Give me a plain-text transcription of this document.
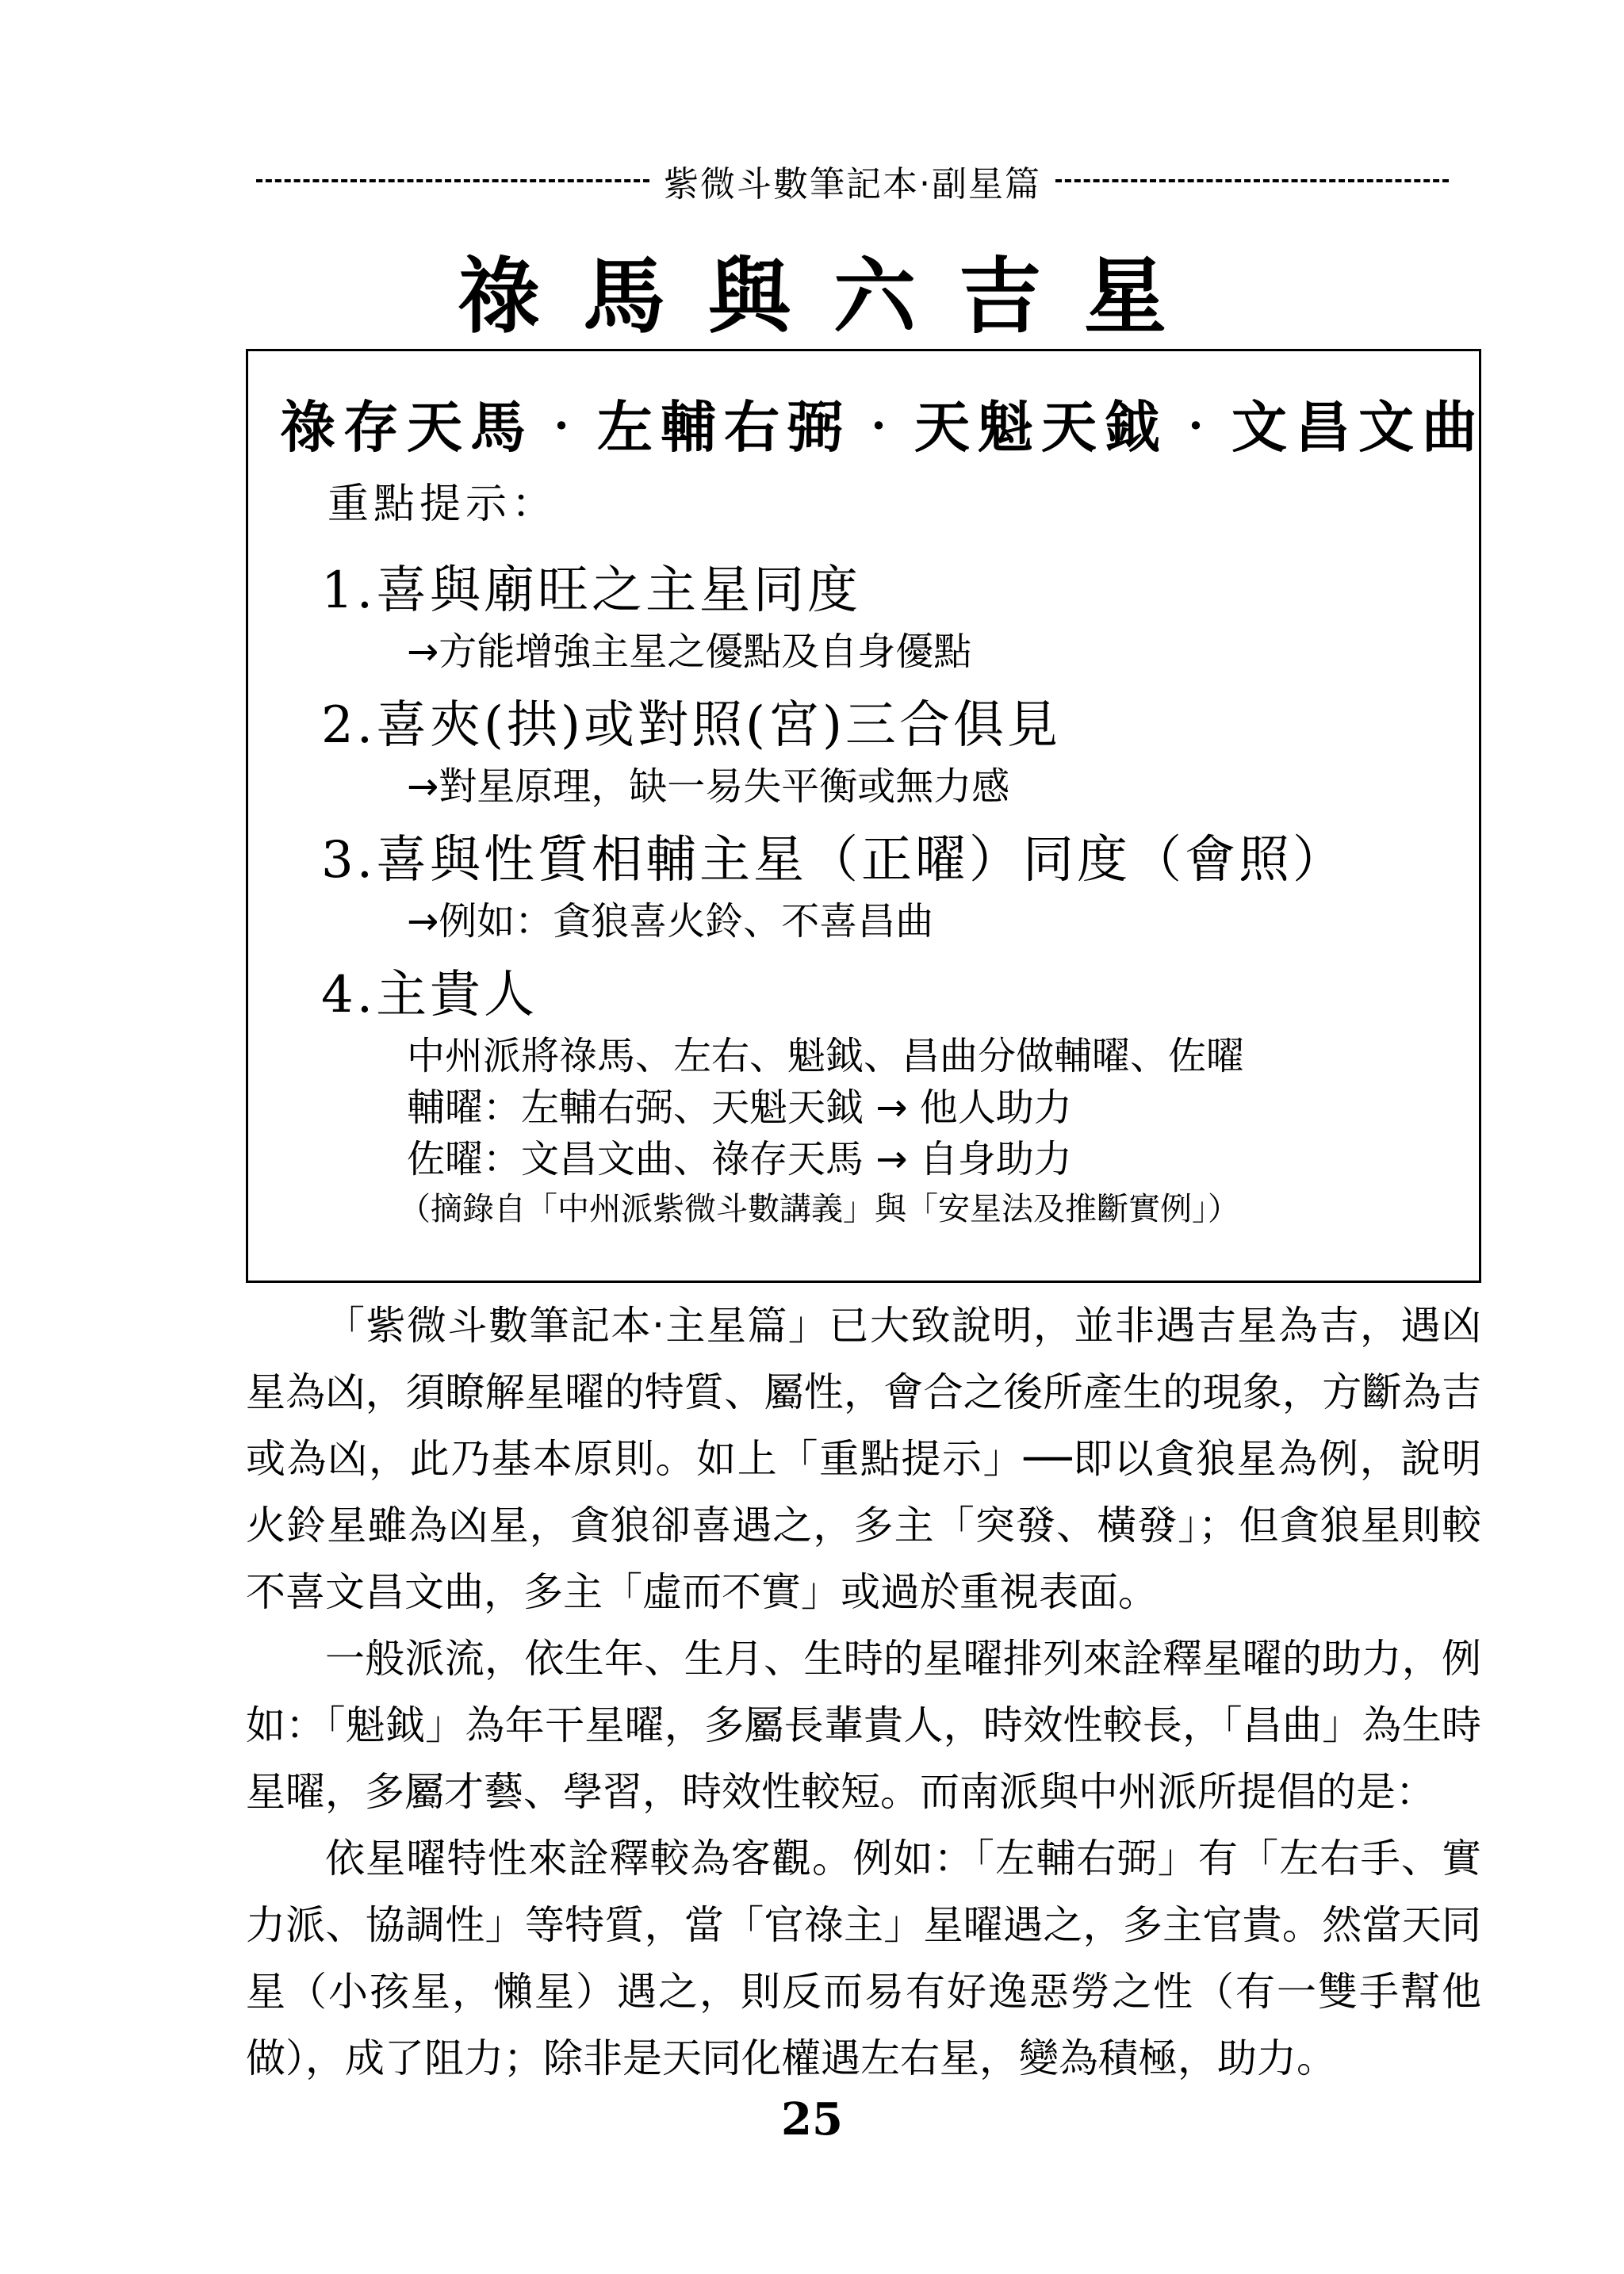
紫微斗數筆記本‧副星篇
祿馬與六吉星
祿存天馬‧左輔右弼‧天魁天鉞‧文昌文曲
重點提示：
1.喜與廟旺之主星同度
→方能增強主星之優點及自身優點
2.喜夾(拱)或對照(宮)三合俱見
→對星原理，缺一易失平衡或無力感
3.喜與性質相輔主星（正曜）同度（會照）
→例如：貪狼喜火鈴、不喜昌曲
4.主貴人
中州派將祿馬、左右、魁鉞、昌曲分做輔曜、佐曜
輔曜：左輔右弼、天魁天鉞 → 他人助力
佐曜：文昌文曲、祿存天馬 → 自身助力
（摘錄自「中州派紫微斗數講義」與「安星法及推斷實例」）

「紫微斗數筆記本‧主星篇」已大致說明，並非遇吉星為吉，遇凶星為凶，須瞭解星曜的特質、屬性，會合之後所產生的現象，方斷為吉或為凶，此乃基本原則。如上「重點提示」──即以貪狼星為例，說明火鈴星雖為凶星，貪狼卻喜遇之，多主「突發、橫發」；但貪狼星則較不喜文昌文曲，多主「虛而不實」或過於重視表面。

一般派流，依生年、生月、生時的星曜排列來詮釋星曜的助力，例如：「魁鉞」為年干星曜，多屬長輩貴人，時效性較長，「昌曲」為生時星曜，多屬才藝、學習，時效性較短。而南派與中州派所提倡的是：

依星曜特性來詮釋較為客觀。例如：「左輔右弼」有「左右手、實力派、協調性」等特質，當「官祿主」星曜遇之，多主官貴。然當天同星（小孩星，懶星）遇之，則反而易有好逸惡勞之性（有一雙手幫他做），成了阻力；除非是天同化權遇左右星，變為積極，助力。

25
